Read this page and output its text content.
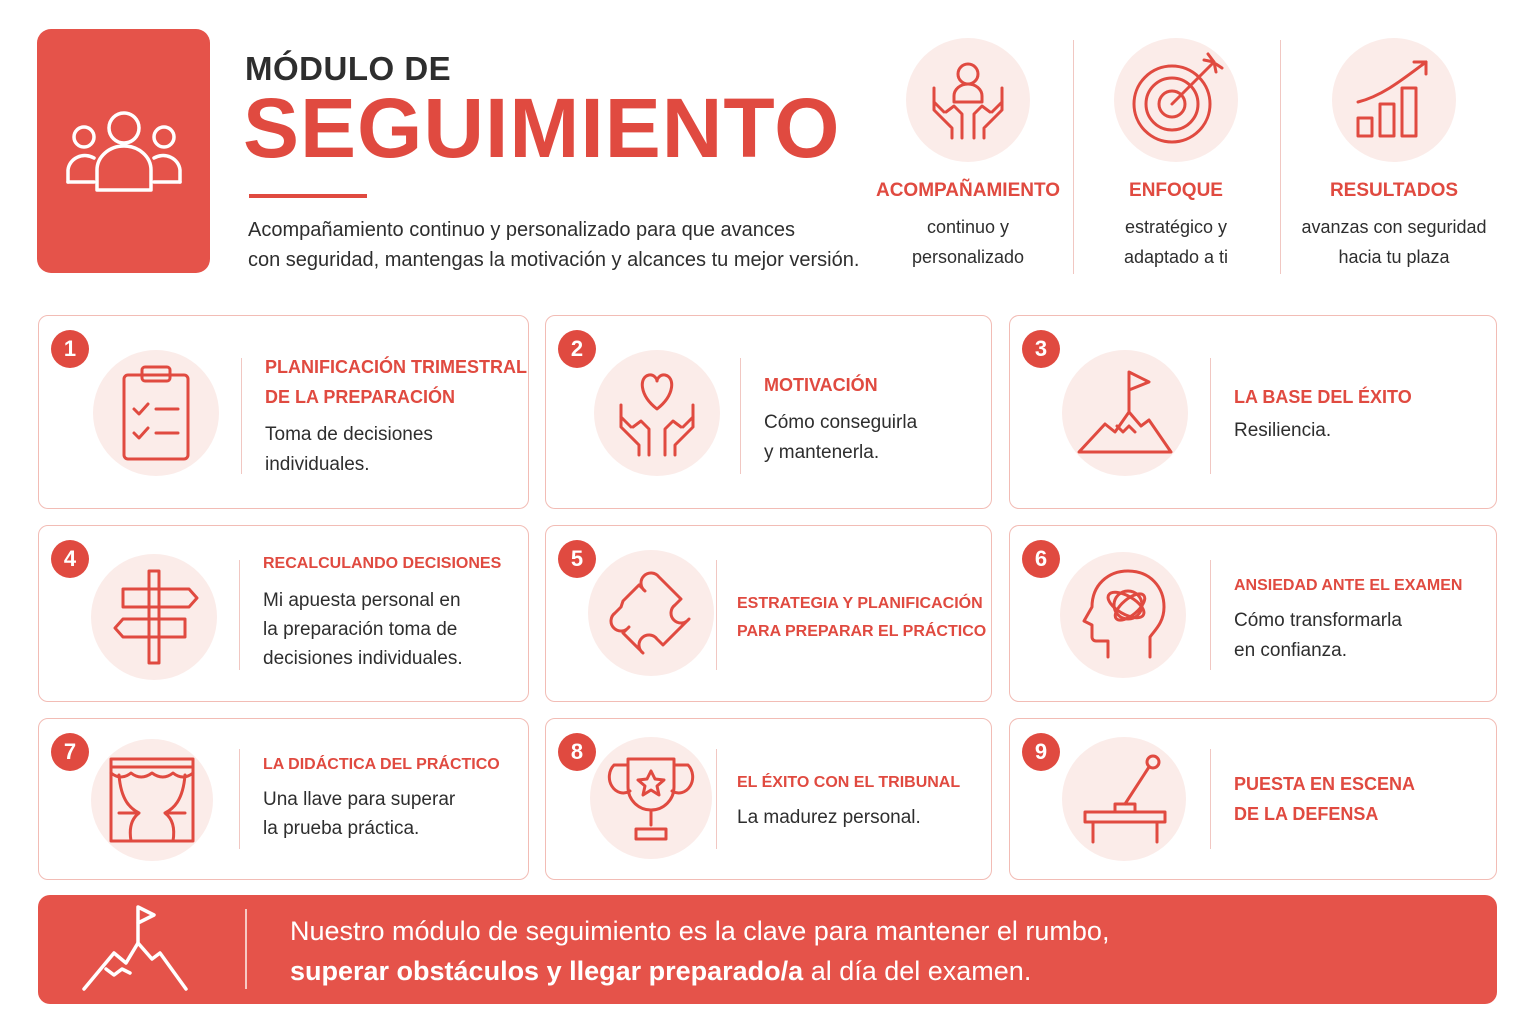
MÓDULO DE
SEGUIMIENTO
Acompañamiento continuo y personalizado para que avances
con seguridad, mantengas la motivación y alcances tu mejor versión.
ACOMPAÑAMIENTO
continuo y
personalizado
ENFOQUE
estratégico y
adaptado a ti
RESULTADOS
avanzas con seguridad
hacia tu plaza
1
PLANIFICACIÓN TRIMESTRAL
DE LA PREPARACIÓN
Toma de decisiones
individuales.
2
MOTIVACIÓN
Cómo conseguirla
y mantenerla.
3
LA BASE DEL ÉXITO
Resiliencia.
4	RECALCULANDO DECISIONES
Mi apuesta personal en
la preparación toma de
decisiones individuales.
5
ESTRATEGIA Y PLANIFICACIÓN
PARA PREPARAR EL PRÁCTICO
6
ANSIEDAD ANTE EL EXAMEN
Cómo transformarla
en confianza.
7
LA DIDÁCTICA DEL PRÁCTICO
Una llave para superar
la prueba práctica.
8
EL ÉXITO CON EL TRIBUNAL
La madurez personal.
9
PUESTA EN ESCENA
DE LA DEFENSA
Nuestro módulo de seguimiento es la clave para mantener el rumbo,
superar obstáculos y llegar preparado/a al día del examen.
